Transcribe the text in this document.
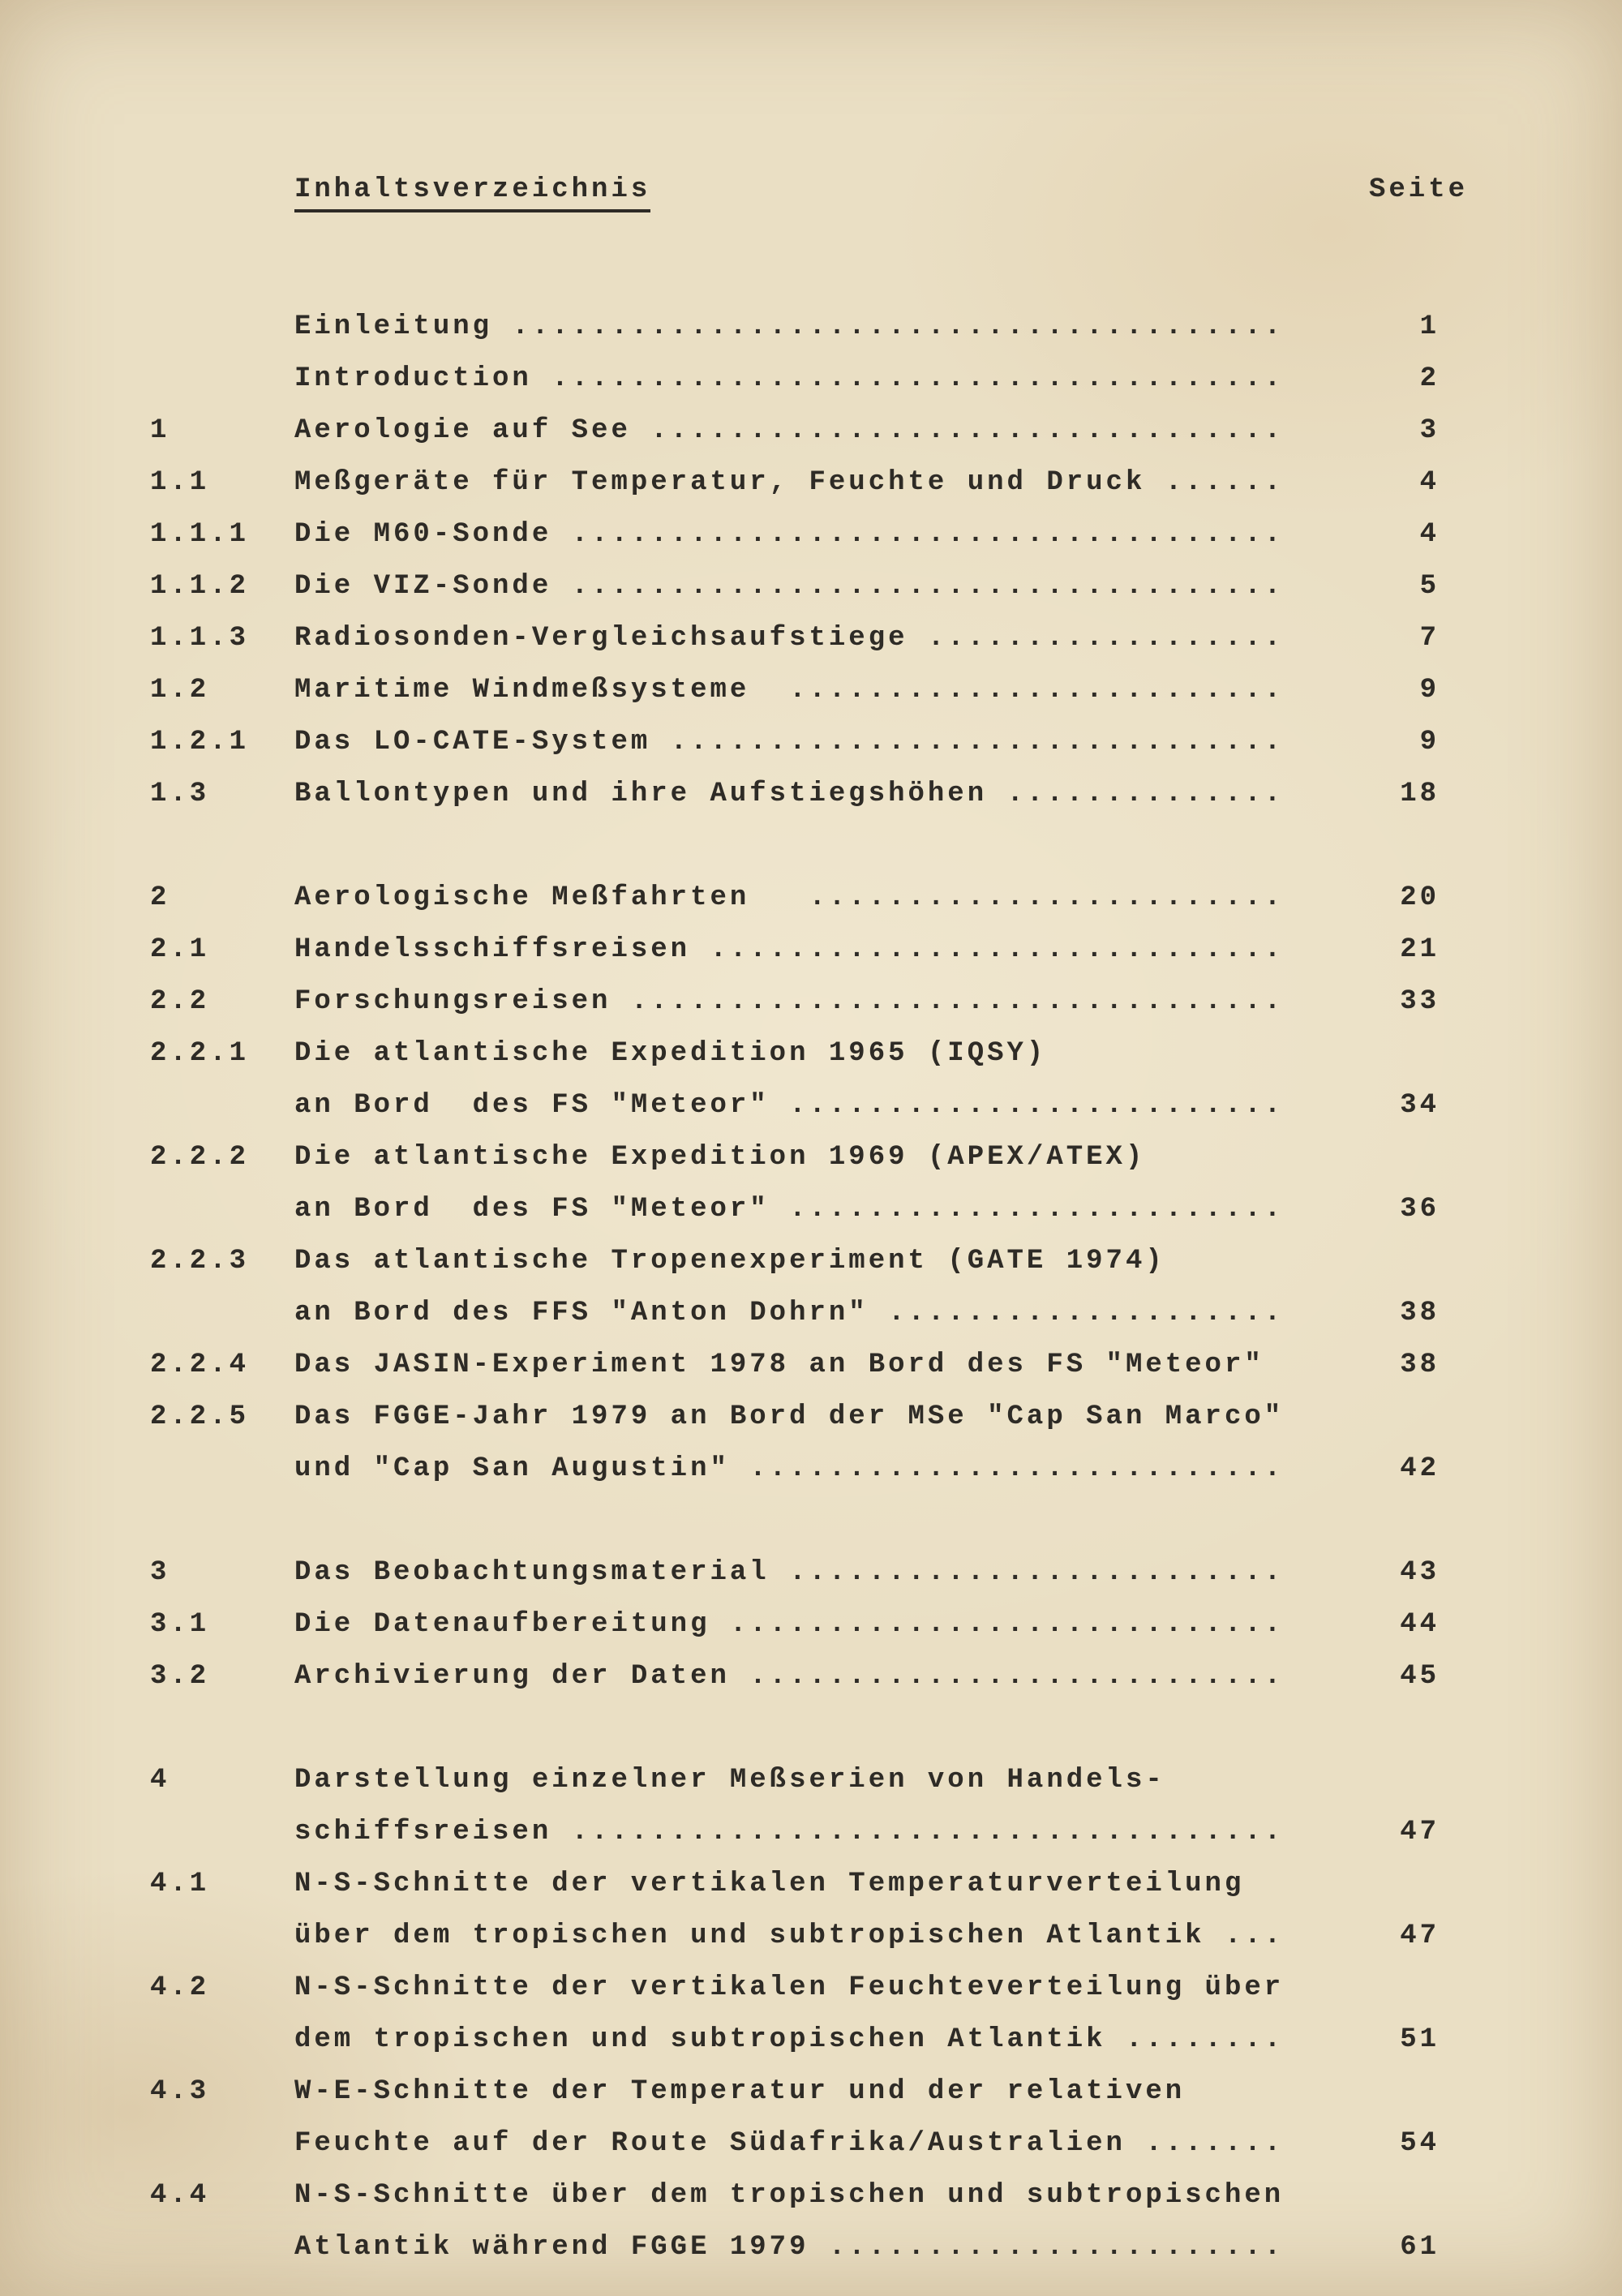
Inhaltsverzeichnis	Seite
Einleitung .......................................	1
Introduction .....................................	2
1	Aerologie auf See ................................	3
1.1	Meßgeräte für Temperatur, Feuchte und Druck ......	4
1.1.1	Die M60-Sonde ....................................	4
1.1.2	Die VIZ-Sonde ....................................	5
1.1.3	Radiosonden-Vergleichsaufstiege ..................	7
1.2	Maritime Windmeßsysteme  .........................	9
1.2.1	Das LO-CATE-System ...............................	9
1.3	Ballontypen und ihre Aufstiegshöhen ..............	18
2	Aerologische Meßfahrten   ........................	20
2.1	Handelsschiffsreisen .............................	21
2.2	Forschungsreisen .................................	33
2.2.1	Die atlantische Expedition 1965 (IQSY)
an Bord  des FS "Meteor" .........................	34
2.2.2	Die atlantische Expedition 1969 (APEX/ATEX)
an Bord  des FS "Meteor" .........................	36
2.2.3	Das atlantische Tropenexperiment (GATE 1974)
an Bord des FFS "Anton Dohrn" ....................	38
2.2.4	Das JASIN-Experiment 1978 an Bord des FS "Meteor"	38
2.2.5	Das FGGE-Jahr 1979 an Bord der MSe "Cap San Marco"
und "Cap San Augustin" ...........................	42
3	Das Beobachtungsmaterial .........................	43
3.1	Die Datenaufbereitung ............................	44
3.2	Archivierung der Daten ...........................	45
4	Darstellung einzelner Meßserien von Handels-
schiffsreisen ....................................	47
4.1	N-S-Schnitte der vertikalen Temperaturverteilung
über dem tropischen und subtropischen Atlantik ...	47
4.2	N-S-Schnitte der vertikalen Feuchteverteilung über
dem tropischen und subtropischen Atlantik ........	51
4.3	W-E-Schnitte der Temperatur und der relativen
Feuchte auf der Route Südafrika/Australien .......	54
4.4	N-S-Schnitte über dem tropischen und subtropischen
Atlantik während FGGE 1979 .......................	61
